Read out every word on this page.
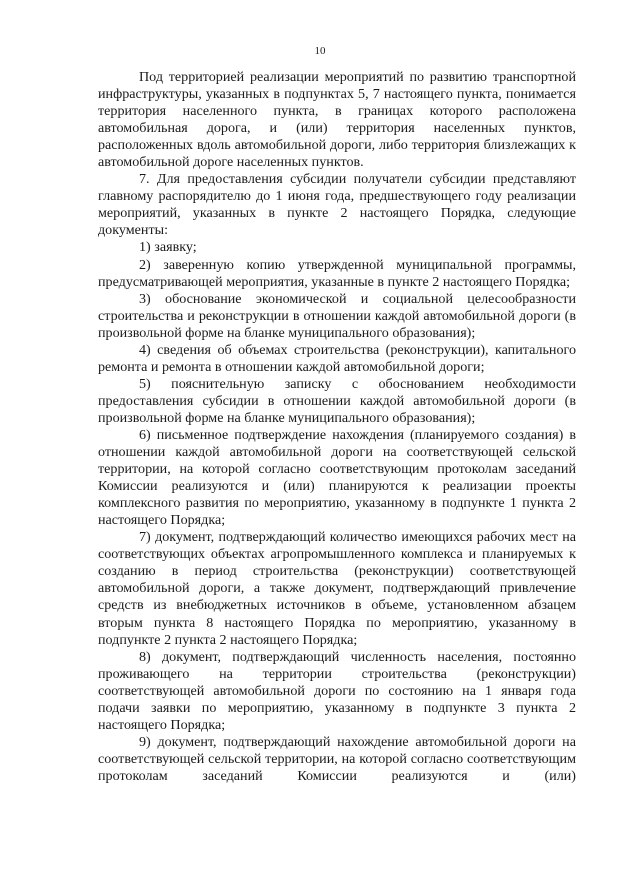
10

Под территорией реализации мероприятий по развитию транспортной инфраструктуры, указанных в подпунктах 5, 7 настоящего пункта, понимается территория населенного пункта, в границах которого расположена автомобильная дорога, и (или) территория населенных пунктов, расположенных вдоль автомобильной дороги, либо территория близлежащих к автомобильной дороге населенных пунктов.

7. Для предоставления субсидии получатели субсидии представляют главному распорядителю до 1 июня года, предшествующего году реализации мероприятий, указанных в пункте 2 настоящего Порядка, следующие документы:

1) заявку;

2) заверенную копию утвержденной муниципальной программы, предусматривающей мероприятия, указанные в пункте 2 настоящего Порядка;

3) обоснование экономической и социальной целесообразности строительства и реконструкции в отношении каждой автомобильной дороги (в произвольной форме на бланке муниципального образования);

4) сведения об объемах строительства (реконструкции), капитального ремонта и ремонта в отношении каждой автомобильной дороги;

5) пояснительную записку с обоснованием необходимости предоставления субсидии в отношении каждой автомобильной дороги (в произвольной форме на бланке муниципального образования);

6) письменное подтверждение нахождения (планируемого создания) в отношении каждой автомобильной дороги на соответствующей сельской территории, на которой согласно соответствующим протоколам заседаний Комиссии реализуются и (или) планируются к реализации проекты комплексного развития по мероприятию, указанному в подпункте 1 пункта 2 настоящего Порядка;

7) документ, подтверждающий количество имеющихся рабочих мест на соответствующих объектах агропромышленного комплекса и планируемых к созданию в период строительства (реконструкции) соответствующей автомобильной дороги, а также документ, подтверждающий привлечение средств из внебюджетных источников в объеме, установленном абзацем вторым пункта 8 настоящего Порядка по мероприятию, указанному в подпункте 2 пункта 2 настоящего Порядка;

8) документ, подтверждающий численность населения, постоянно проживающего на территории строительства (реконструкции) соответствующей автомобильной дороги по состоянию на 1 января года подачи заявки по мероприятию, указанному в подпункте 3 пункта 2 настоящего Порядка;

9) документ, подтверждающий нахождение автомобильной дороги на соответствующей сельской территории, на которой согласно соответствующим протоколам заседаний Комиссии реализуются и (или)
